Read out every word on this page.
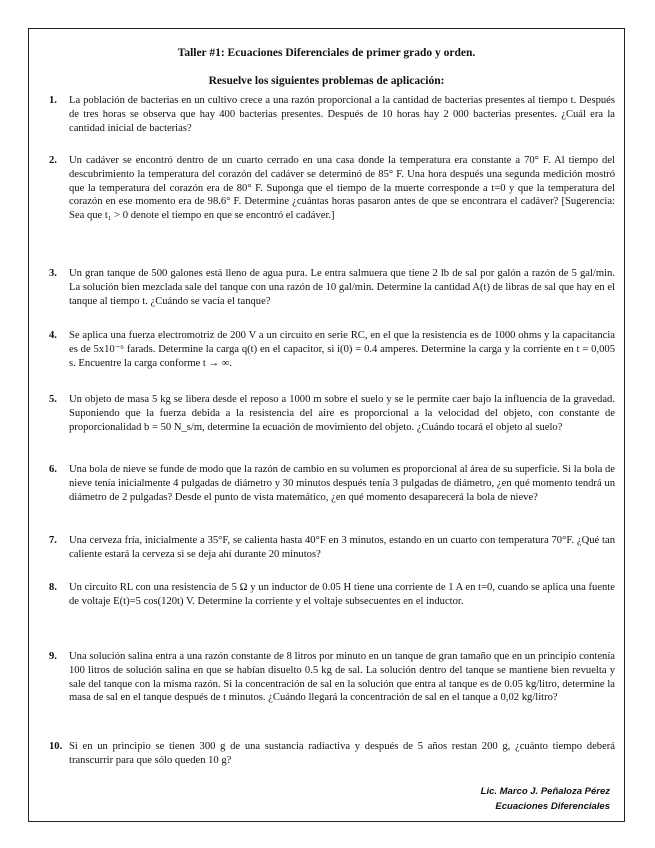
Taller #1: Ecuaciones Diferenciales de primer grado y orden.
Resuelve los siguientes problemas de aplicación:
1. La población de bacterias en un cultivo crece a una razón proporcional a la cantidad de bacterias presentes al tiempo t. Después de tres horas se observa que hay 400 bacterias presentes. Después de 10 horas hay 2 000 bacterias presentes. ¿Cuál era la cantidad inicial de bacterias?
2. Un cadáver se encontró dentro de un cuarto cerrado en una casa donde la temperatura era constante a 70° F. Al tiempo del descubrimiento la temperatura del corazón del cadáver se determinó de 85° F. Una hora después una segunda medición mostró que la temperatura del corazón era de 80° F. Suponga que el tiempo de la muerte corresponde a t=0 y que la temperatura del corazón en ese momento era de 98.6° F. Determine ¿cuántas horas pasaron antes de que se encontrara el cadáver? [Sugerencia: Sea que t₁ > 0 denote el tiempo en que se encontró el cadáver.]
3. Un gran tanque de 500 galones está lleno de agua pura. Le entra salmuera que tiene 2 lb de sal por galón a razón de 5 gal/min. La solución bien mezclada sale del tanque con una razón de 10 gal/min. Determine la cantidad A(t) de libras de sal que hay en el tanque al tiempo t. ¿Cuándo se vacía el tanque?
4. Se aplica una fuerza electromotriz de 200 V a un circuito en serie RC, en el que la resistencia es de 1000 ohms y la capacitancia es de 5x10⁻⁶ farads. Determine la carga q(t) en el capacitor, si i(0) = 0.4 amperes. Determine la carga y la corriente en t = 0,005 s. Encuentre la carga conforme t → ∞.
5. Un objeto de masa 5 kg se libera desde el reposo a 1000 m sobre el suelo y se le permite caer bajo la influencia de la gravedad. Suponiendo que la fuerza debida a la resistencia del aire es proporcional a la velocidad del objeto, con constante de proporcionalidad b = 50 N_s/m, determine la ecuación de movimiento del objeto. ¿Cuándo tocará el objeto al suelo?
6. Una bola de nieve se funde de modo que la razón de cambio en su volumen es proporcional al área de su superficie. Si la bola de nieve tenía inicialmente 4 pulgadas de diámetro y 30 minutos después tenía 3 pulgadas de diámetro, ¿en qué momento tendrá un diámetro de 2 pulgadas? Desde el punto de vista matemático, ¿en qué momento desaparecerá la bola de nieve?
7. Una cerveza fría, inicialmente a 35°F, se calienta hasta 40°F en 3 minutos, estando en un cuarto con temperatura 70°F. ¿Qué tan caliente estará la cerveza si se deja ahí durante 20 minutos?
8. Un circuito RL con una resistencia de 5 Ω y un inductor de 0.05 H tiene una corriente de 1 A en t=0, cuando se aplica una fuente de voltaje E(t)=5 cos(120t) V. Determine la corriente y el voltaje subsecuentes en el inductor.
9. Una solución salina entra a una razón constante de 8 litros por minuto en un tanque de gran tamaño que en un principio contenía 100 litros de solución salina en que se habían disuelto 0.5 kg de sal. La solución dentro del tanque se mantiene bien revuelta y sale del tanque con la misma razón. Si la concentración de sal en la solución que entra al tanque es de 0.05 kg/litro, determine la masa de sal en el tanque después de t minutos. ¿Cuándo llegará la concentración de sal en el tanque a 0,02 kg/litro?
10. Si en un principio se tienen 300 g de una sustancia radiactiva y después de 5 años restan 200 g, ¿cuánto tiempo deberá transcurrir para que sólo queden 10 g?
Lic. Marco J. Peñaloza Pérez
Ecuaciones Diferenciales
